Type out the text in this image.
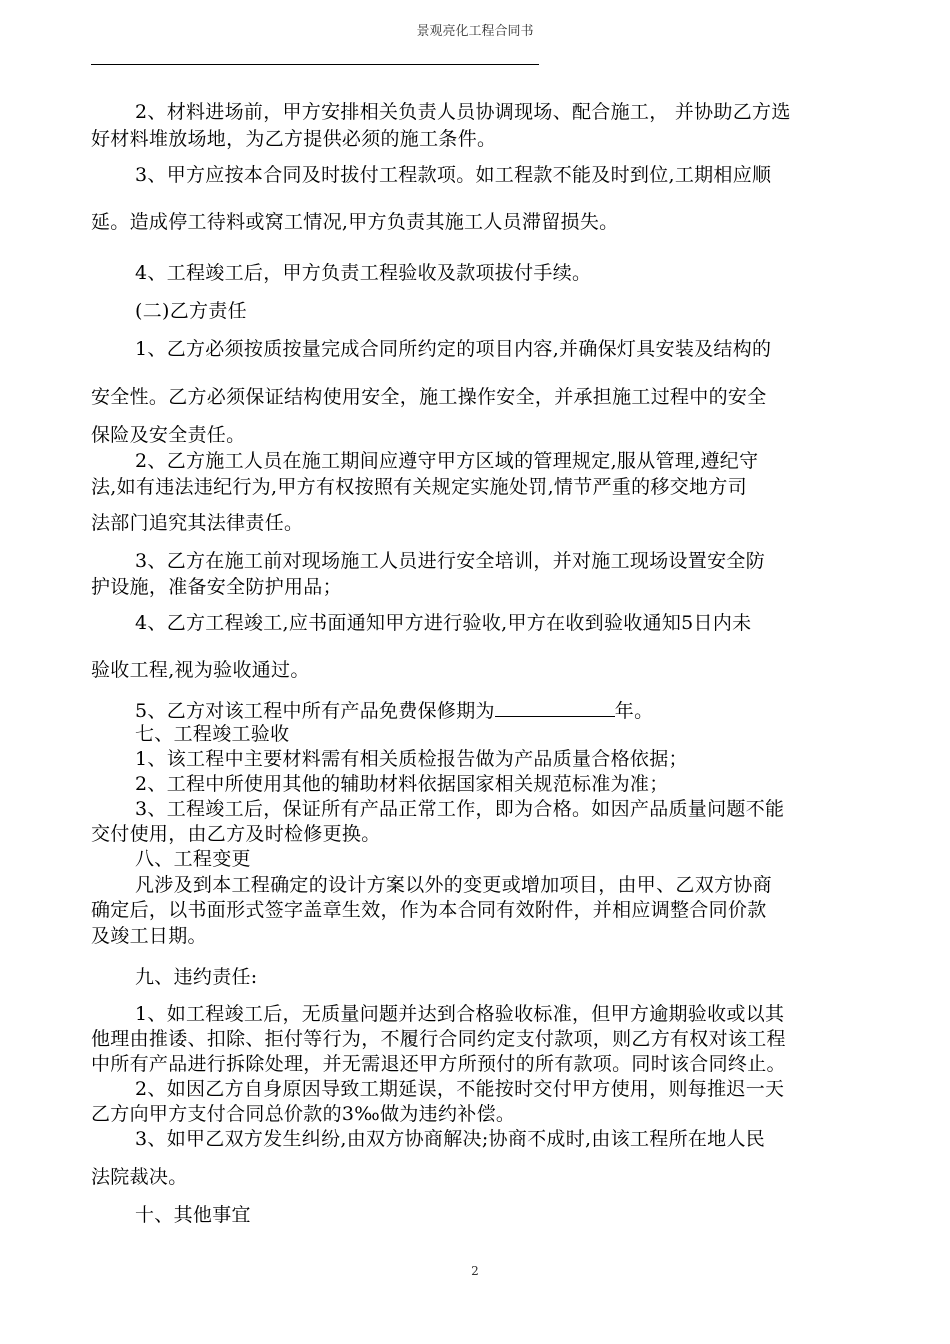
景观亮化工程合同书
2、材料进场前，甲方安排相关负责人员协调现场、配合施工， 并协助乙方选
好材料堆放场地，为乙方提供必须的施工条件。
3、甲方应按本合同及时拔付工程款项。如工程款不能及时到位,工期相应顺
延。造成停工待料或窝工情况,甲方负责其施工人员滞留损失。
4、工程竣工后，甲方负责工程验收及款项拔付手续。
(二)乙方责任
1、乙方必须按质按量完成合同所约定的项目内容,并确保灯具安装及结构的
安全性。乙方必须保证结构使用安全，施工操作安全，并承担施工过程中的安全
保险及安全责任。
2、乙方施工人员在施工期间应遵守甲方区域的管理规定,服从管理,遵纪守
法,如有违法违纪行为,甲方有权按照有关规定实施处罚,情节严重的移交地方司
法部门追究其法律责任。
3、乙方在施工前对现场施工人员进行安全培训，并对施工现场设置安全防
护设施，准备安全防护用品；
4、乙方工程竣工,应书面通知甲方进行验收,甲方在收到验收通知5日内未
验收工程,视为验收通过。
5、乙方对该工程中所有产品免费保修期为	年。
七、工程竣工验收
1、该工程中主要材料需有相关质检报告做为产品质量合格依据；
2、工程中所使用其他的辅助材料依据国家相关规范标准为准；
3、工程竣工后，保证所有产品正常工作，即为合格。如因产品质量问题不能
交付使用，由乙方及时检修更换。
八、工程变更
凡涉及到本工程确定的设计方案以外的变更或增加项目，由甲、乙双方协商
确定后，以书面形式签字盖章生效，作为本合同有效附件，并相应调整合同价款
及竣工日期。
九、违约责任:
1、如工程竣工后，无质量问题并达到合格验收标准，但甲方逾期验收或以其
他理由推诿、扣除、拒付等行为，不履行合同约定支付款项，则乙方有权对该工程
中所有产品进行拆除处理，并无需退还甲方所预付的所有款项。同时该合同终止。
2、如因乙方自身原因导致工期延误，不能按时交付甲方使用，则每推迟一天
乙方向甲方支付合同总价款的3‰做为违约补偿。
3、如甲乙双方发生纠纷,由双方协商解决;协商不成时,由该工程所在地人民
法院裁决。
十、其他事宜
2
